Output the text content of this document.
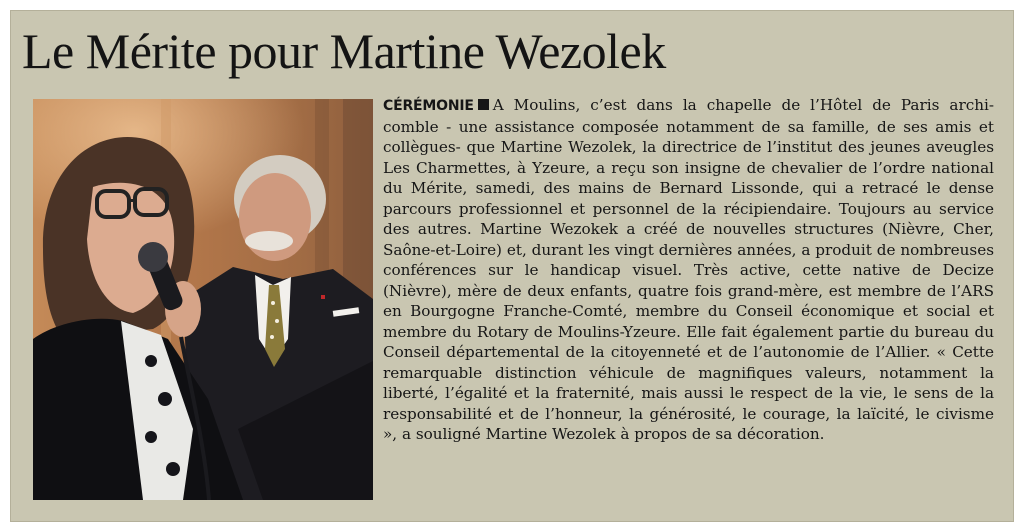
Le Mérite pour Martine Wezolek

CÉRÉMONIE A Moulins, c’est dans la chapelle de l’Hôtel de Paris archi-comble - une assistance composée notamment de sa famille, de ses amis et collègues- que Martine Wezolek, la directrice de l’institut des jeunes aveugles Les Charmettes, à Yzeure, a reçu son insigne de chevalier de l’ordre national du Mérite, samedi, des mains de Bernard Lissonde, qui a retracé le dense parcours professionnel et personnel de la récipiendaire. Toujours au service des autres. Martine Wezokek a créé de nouvelles structures (Nièvre, Cher, Saône-et-Loire) et, durant les vingt dernières années, a produit de nombreuses conférences sur le handicap visuel. Très active, cette native de Decize (Nièvre), mère de deux enfants, quatre fois grand-mère, est membre de l’ARS en Bourgogne Franche-Comté, membre du Conseil économique et social et membre du Rotary de Moulins-Yzeure. Elle fait également partie du bureau du Conseil départemental de la citoyenneté et de l’autonomie de l’Allier. « Cette remarquable distinction véhicule de magnifiques valeurs, notamment la liberté, l’égalité et la fraternité, mais aussi le respect de la vie, le sens de la responsabilité et de l’honneur, la générosité, le courage, la laïcité, le civisme », a souligné Martine Wezolek à propos de sa décoration.
